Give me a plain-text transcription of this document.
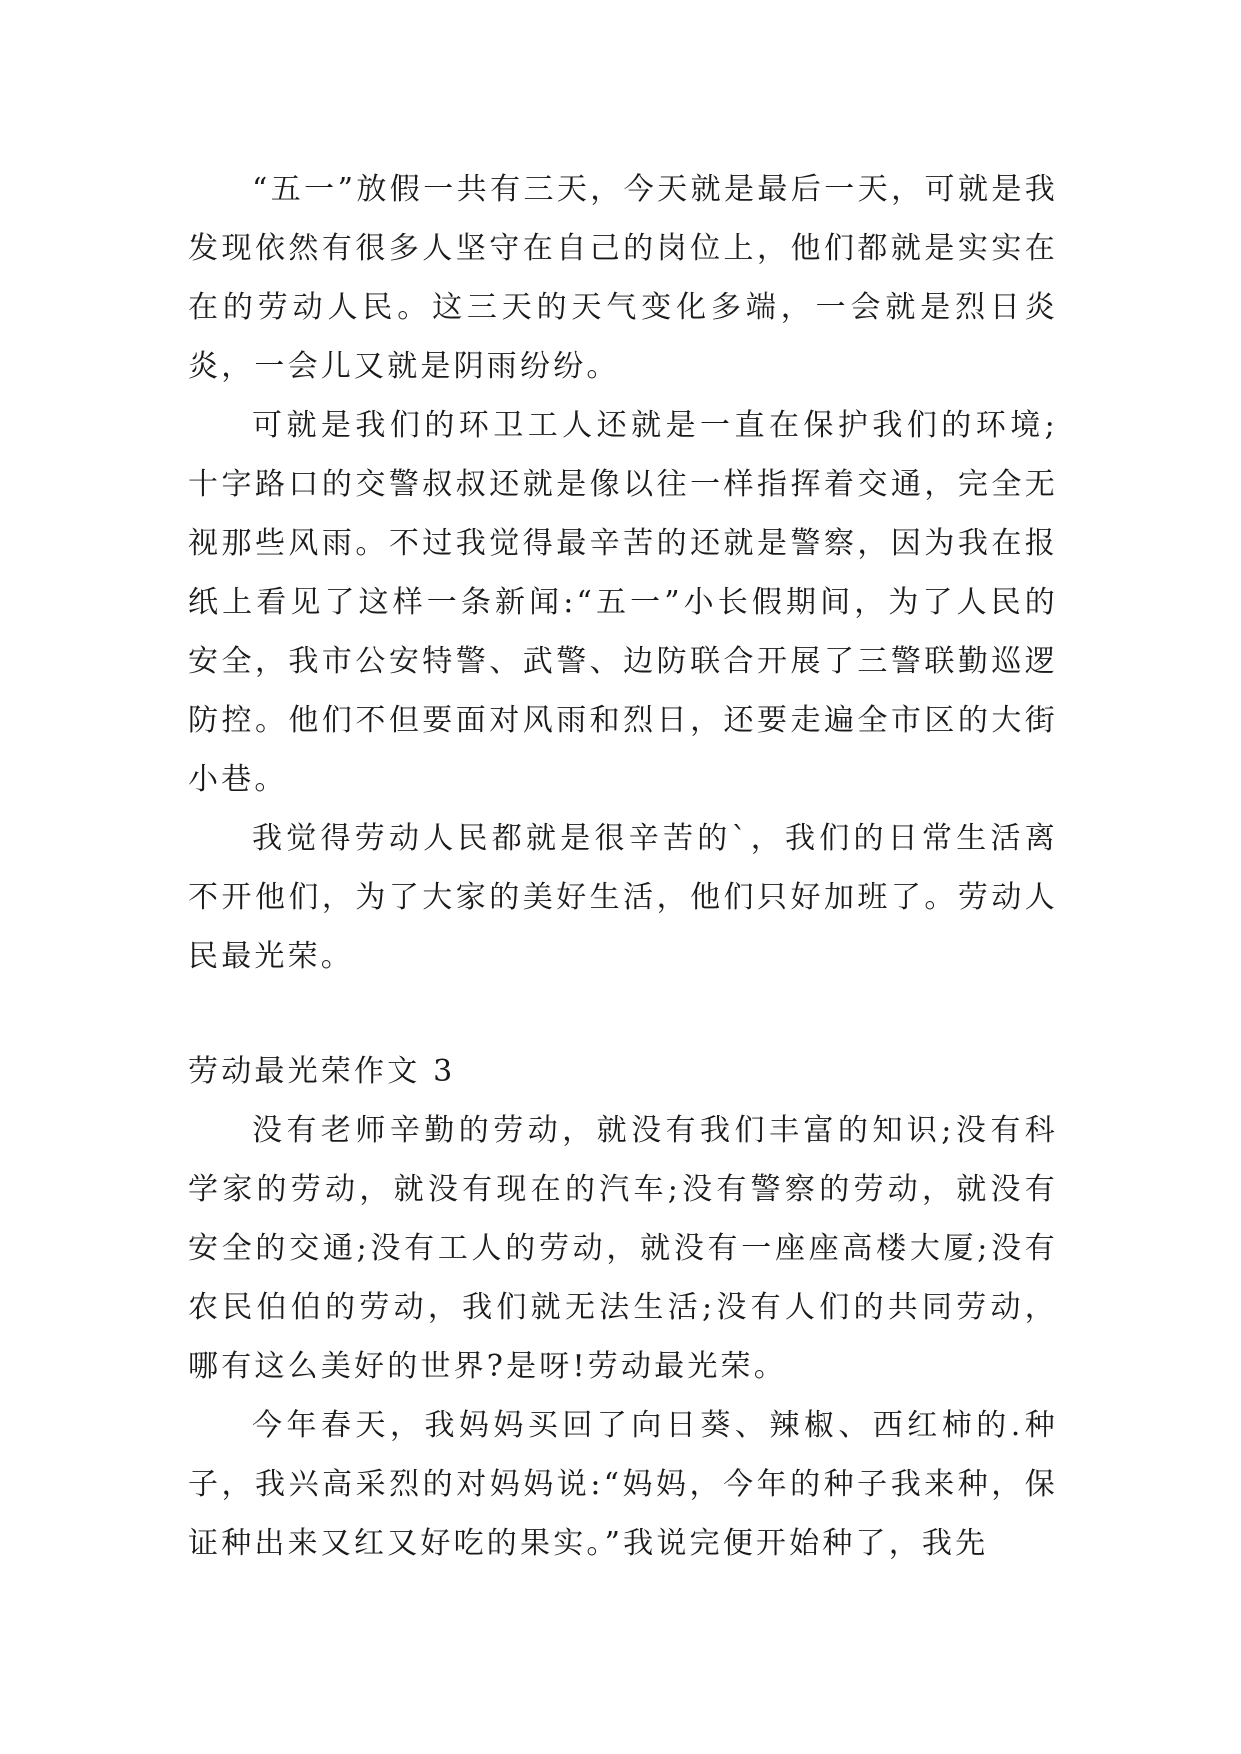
“五一”放假一共有三天，今天就是最后一天，可就是我发现依然有很多人坚守在自己的岗位上，他们都就是实实在在的劳动人民。这三天的天气变化多端，一会就是烈日炎炎，一会儿又就是阴雨纷纷。

可就是我们的环卫工人还就是一直在保护我们的环境;十字路口的交警叔叔还就是像以往一样指挥着交通，完全无视那些风雨。不过我觉得最辛苦的还就是警察，因为我在报纸上看见了这样一条新闻:“五一”小长假期间，为了人民的安全，我市公安特警、武警、边防联合开展了三警联勤巡逻防控。他们不但要面对风雨和烈日，还要走遍全市区的大街小巷。

我觉得劳动人民都就是很辛苦的`，我们的日常生活离不开他们，为了大家的美好生活，他们只好加班了。劳动人民最光荣。

劳动最光荣作文 3

没有老师辛勤的劳动，就没有我们丰富的知识;没有科学家的劳动，就没有现在的汽车;没有警察的劳动，就没有安全的交通;没有工人的劳动，就没有一座座高楼大厦;没有农民伯伯的劳动，我们就无法生活;没有人们的共同劳动，哪有这么美好的世界?是呀!劳动最光荣。

今年春天，我妈妈买回了向日葵、辣椒、西红柿的.种子，我兴高采烈的对妈妈说:“妈妈，今年的种子我来种，保证种出来又红又好吃的果实。”我说完便开始种了，我先
